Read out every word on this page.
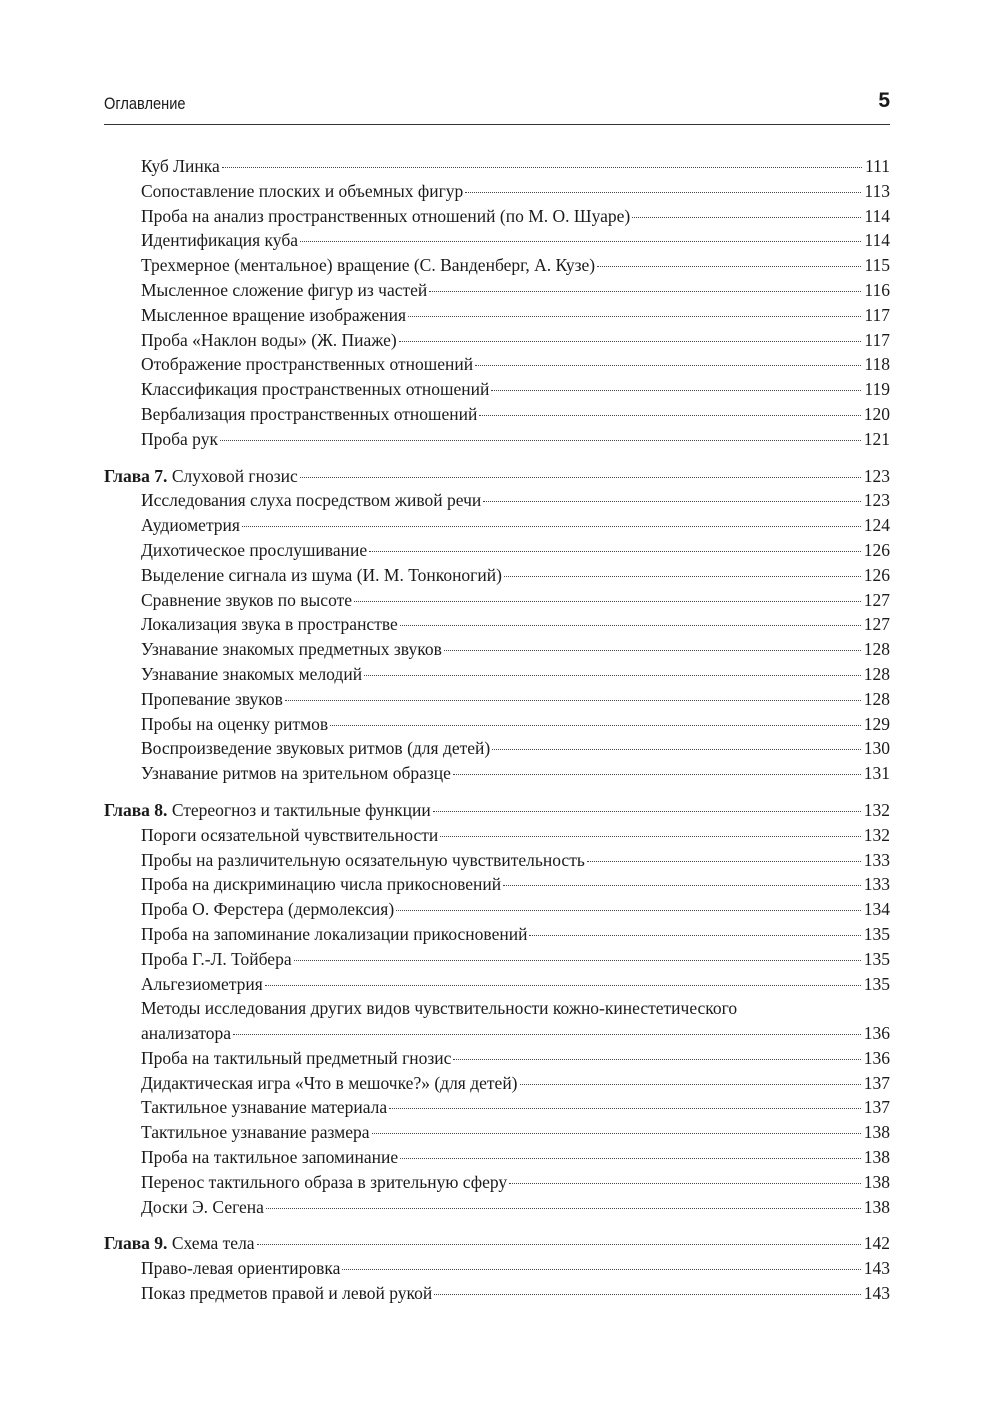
Оглавление	5
Куб Линка	111
Сопоставление плоских и объемных фигур	113
Проба на анализ пространственных отношений (по М. О. Шуаре)	114
Идентификация куба	114
Трехмерное (ментальное) вращение (С. Ванденберг, А. Кузе)	115
Мысленное сложение фигур из частей	116
Мысленное вращение изображения	117
Проба «Наклон воды» (Ж. Пиаже)	117
Отображение пространственных отношений	118
Классификация пространственных отношений	119
Вербализация пространственных отношений	120
Проба рук	121
Глава 7. Слуховой гнозис	123
Исследования слуха посредством живой речи	123
Аудиометрия	124
Дихотическое прослушивание	126
Выделение сигнала из шума (И. М. Тонконогий)	126
Сравнение звуков по высоте	127
Локализация звука в пространстве	127
Узнавание знакомых предметных звуков	128
Узнавание знакомых мелодий	128
Пропевание звуков	128
Пробы на оценку ритмов	129
Воспроизведение звуковых ритмов (для детей)	130
Узнавание ритмов на зрительном образце	131
Глава 8. Стереогноз и тактильные функции	132
Пороги осязательной чувствительности	132
Пробы на различительную осязательную чувствительность	133
Проба на дискриминацию числа прикосновений	133
Проба О. Ферстера (дермолексия)	134
Проба на запоминание локализации прикосновений	135
Проба Г.-Л. Тойбера	135
Альгезиометрия	135
Методы исследования других видов чувствительности кожно-кинестетического
анализатора	136
Проба на тактильный предметный гнозис	136
Дидактическая игра «Что в мешочке?» (для детей)	137
Тактильное узнавание материала	137
Тактильное узнавание размера	138
Проба на тактильное запоминание	138
Перенос тактильного образа в зрительную сферу	138
Доски Э. Сегена	138
Глава 9. Схема тела	142
Право-левая ориентировка	143
Показ предметов правой и левой рукой	143
